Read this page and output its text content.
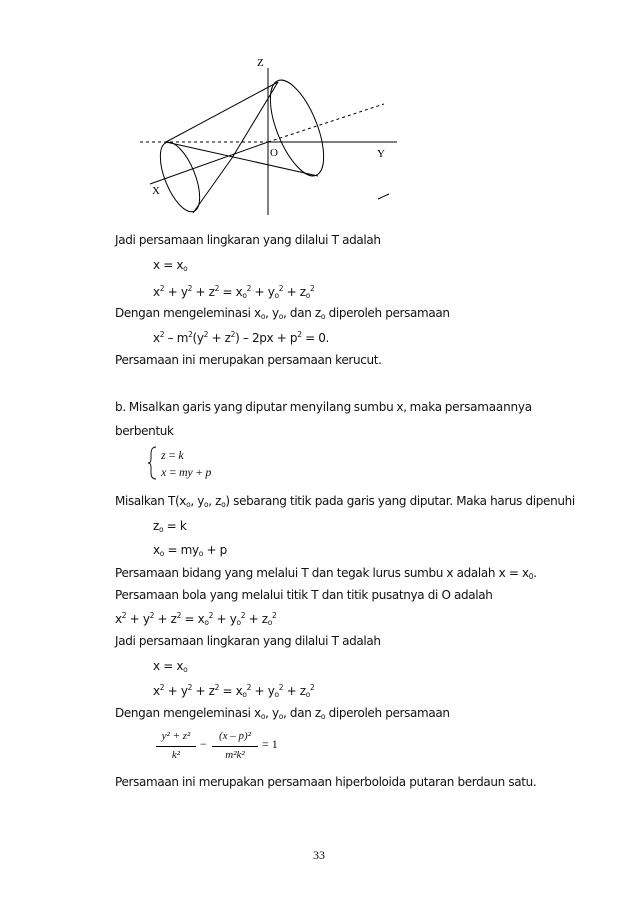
Z
Y
X
O
Jadi persamaan lingkaran yang dilalui T adalah
$x = x_o$
$x^2 + y^2 + z^2 = x_o^2 + y_o^2 + z_o^2$
Dengan mengeleminasi $x_o$, $y_o$, dan $z_o$ diperoleh persamaan
$x^2 - m^2(y^2 + z^2) - 2px + p^2 = 0$.
Persamaan ini merupakan persamaan kerucut.
b. Misalkan garis yang diputar menyilang sumbu x, maka persamaannya
berbentuk
z = k
x = my + p
Misalkan $T(x_o$, $y_o$, $z_o$) sebarang titik pada garis yang diputar. Maka harus dipenuhi
$z_o = k$
$x_o = my_o + p$
Persamaan bidang yang melalui T dan tegak lurus sumbu x adalah $x = x_0$.
Persamaan bola yang melalui titik T dan titik pusatnya di O adalah
$x^2 + y^2 + z^2 = x_o^2 + y_o^2 + z_o^2$
Jadi persamaan lingkaran yang dilalui T adalah
$x = x_o$
$x^2 + y^2 + z^2 = x_o^2 + y_o^2 + z_o^2$
Dengan mengeleminasi $x_o$, $y_o$, dan $z_o$ diperoleh persamaan
y² + z²
k²
−
(x – p)²
m²k²
= 1
Persamaan ini merupakan persamaan hiperboloida putaran berdaun satu.
33
